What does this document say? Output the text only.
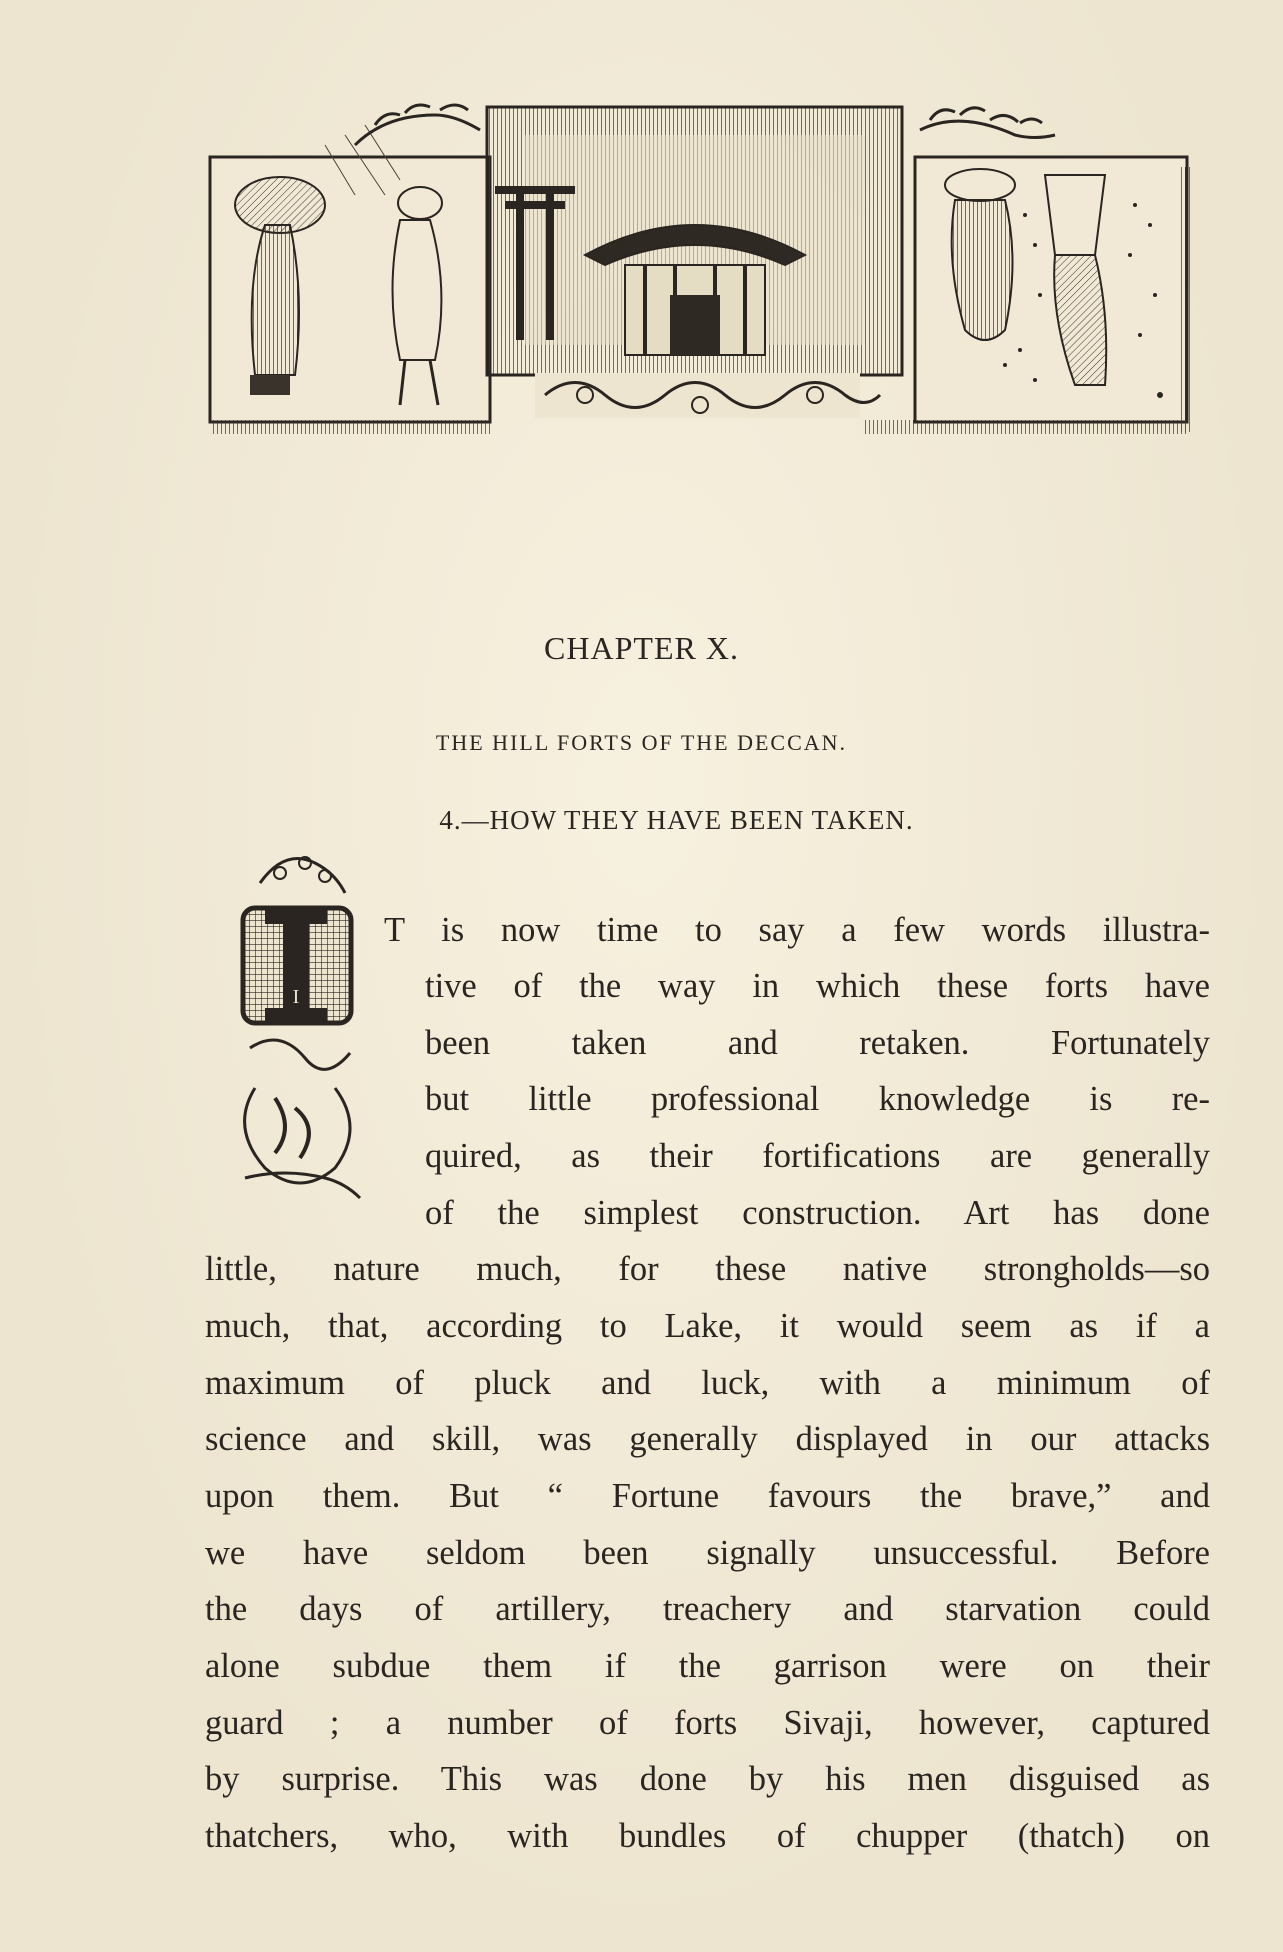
CHAPTER X.
THE HILL FORTS OF THE DECCAN.
4.—HOW THEY HAVE BEEN TAKEN.
I
T is now time to say a few words illustra-
tive of the way in which these forts have
been taken and retaken. Fortunately
but little professional knowledge is re-
quired, as their fortifications are generally
of the simplest construction. Art has done
little, nature much, for these native strongholds—so
much, that, according to Lake, it would seem as if a
maximum of pluck and luck, with a minimum of
science and skill, was generally displayed in our attacks
upon them. But “ Fortune favours the brave,” and
we have seldom been signally unsuccessful. Before
the days of artillery, treachery and starvation could
alone subdue them if the garrison were on their
guard ; a number of forts Sivaji, however, captured
by surprise. This was done by his men disguised as
thatchers, who, with bundles of chupper (thatch) on
